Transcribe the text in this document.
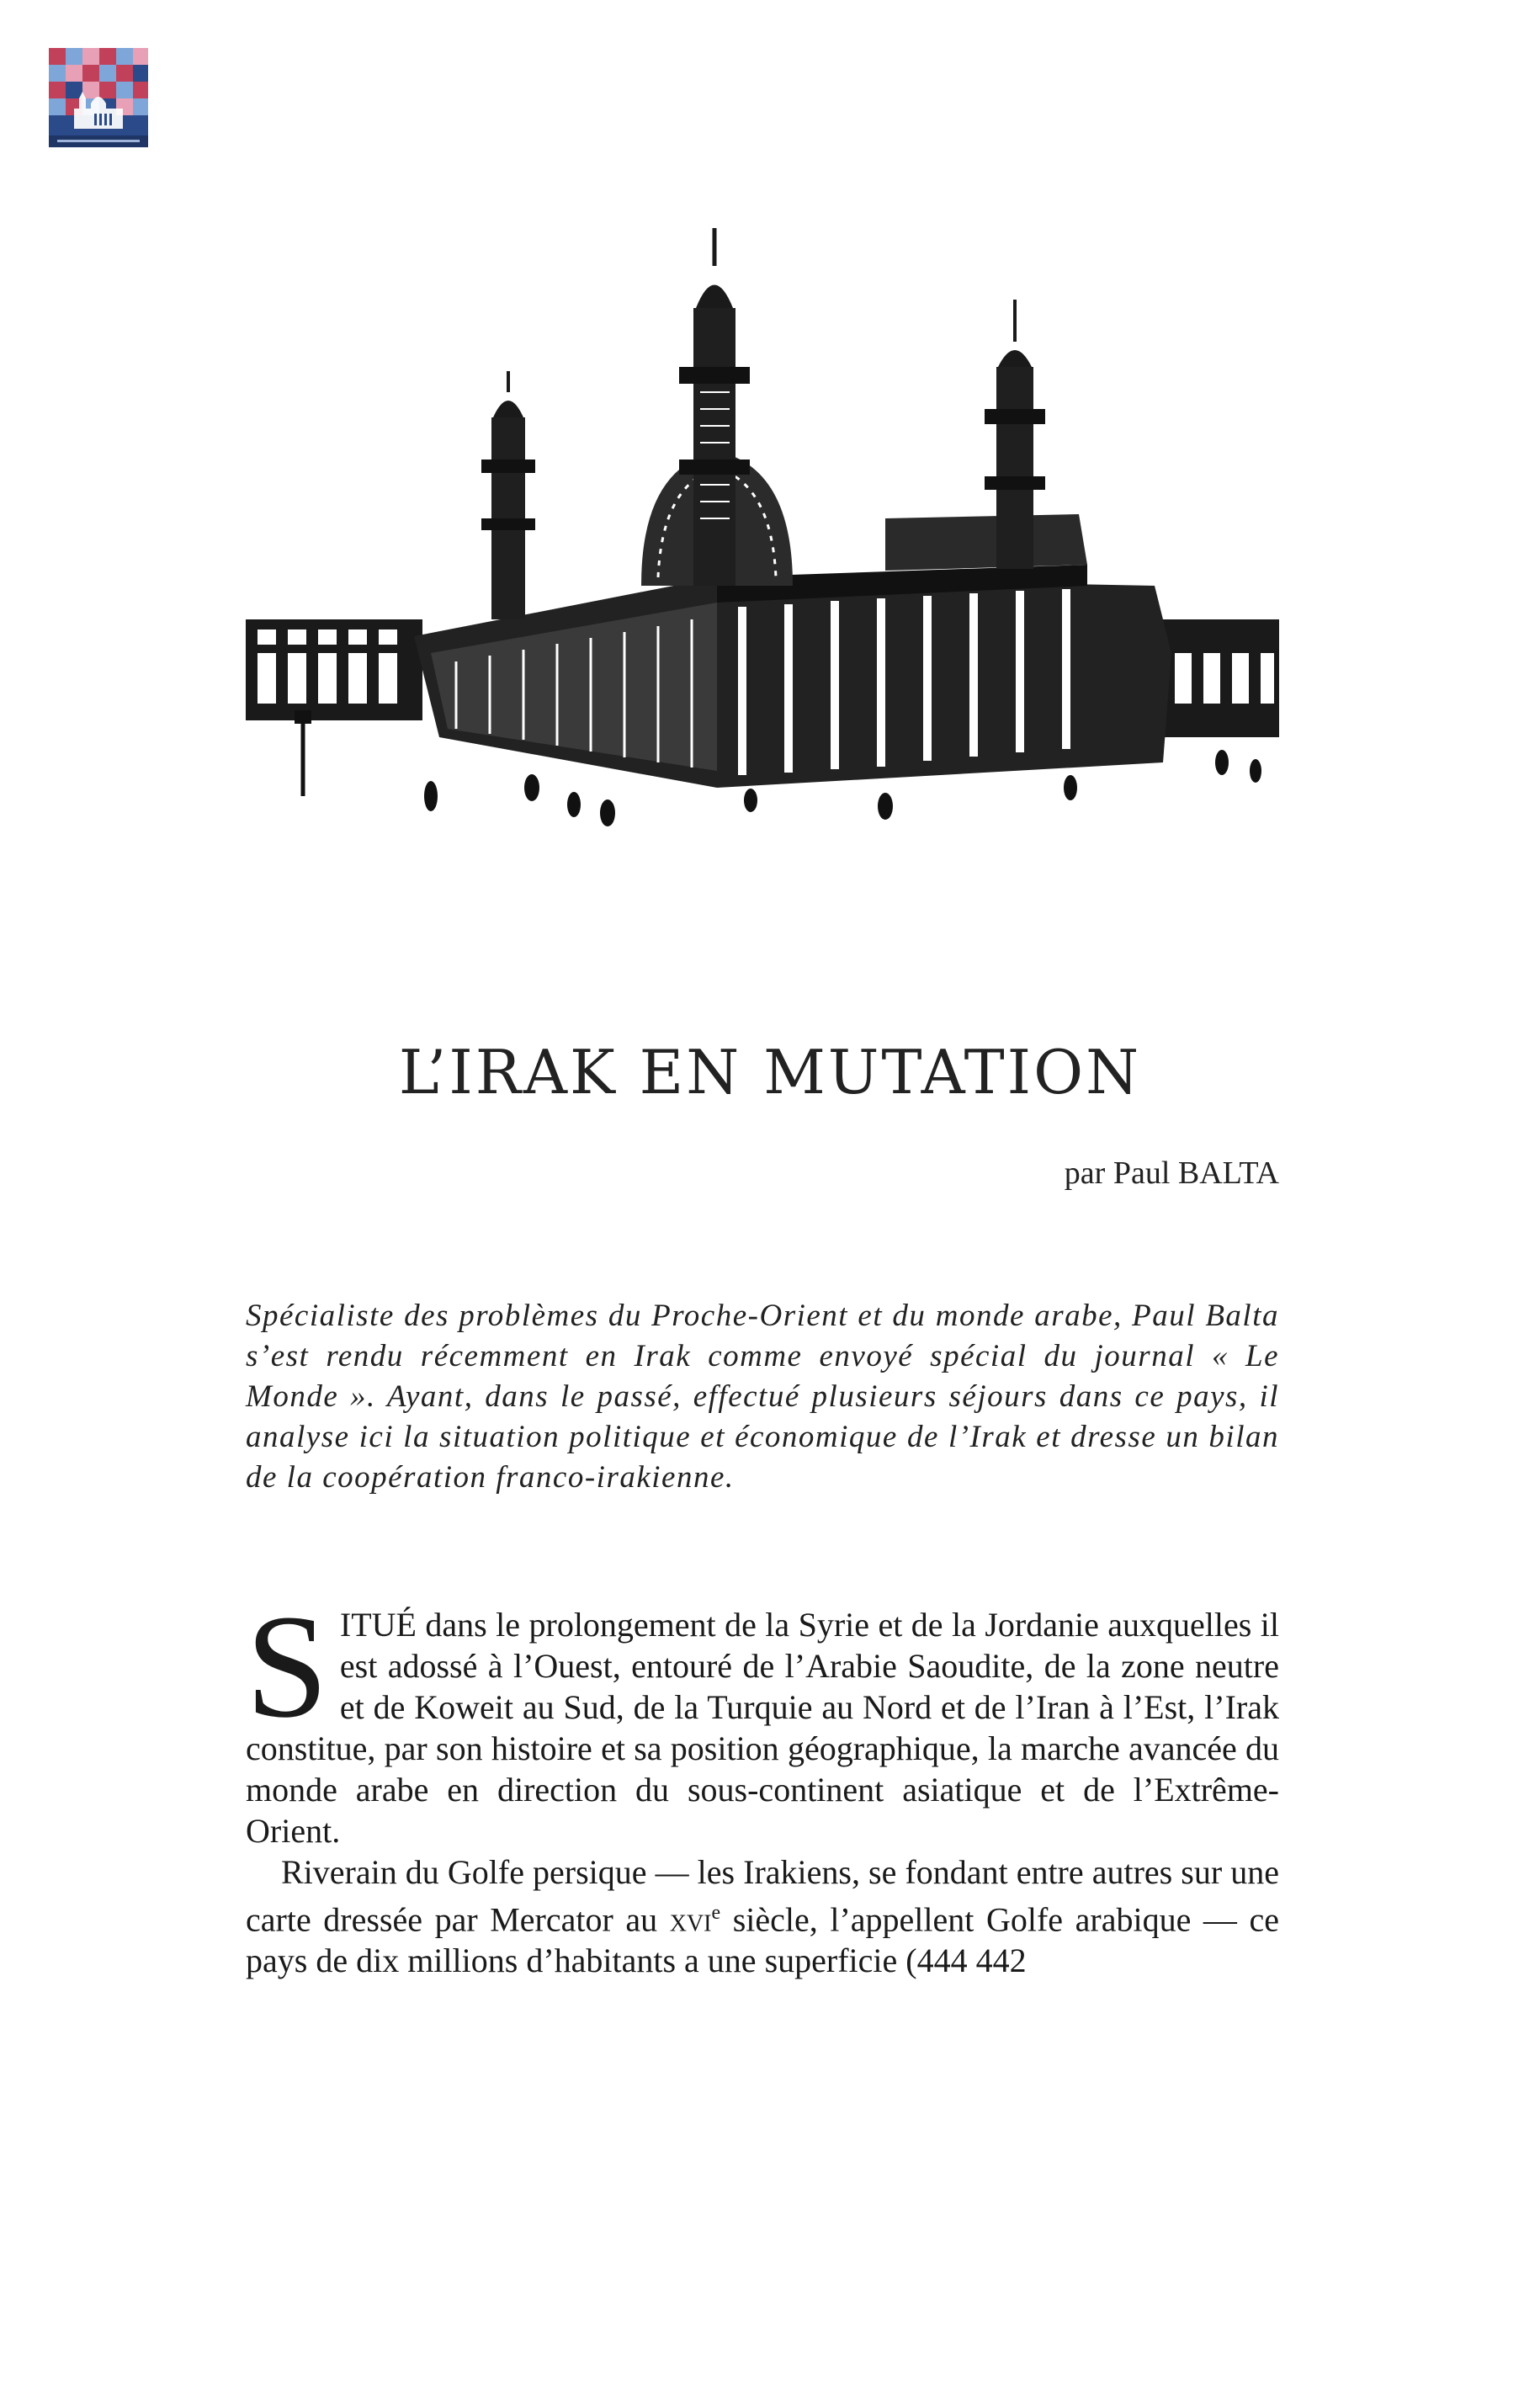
L’IRAK EN MUTATION
par Paul BALTA

Spécialiste des problèmes du Proche-Orient et du monde arabe, Paul Balta s’est rendu récemment en Irak comme envoyé spécial du journal « Le Monde ». Ayant, dans le passé, effectué plusieurs séjours dans ce pays, il analyse ici la situation politique et économique de l’Irak et dresse un bilan de la coopération franco-irakienne.

SITUÉ dans le prolongement de la Syrie et de la Jordanie auxquelles il est adossé à l’Ouest, entouré de l’Arabie Saoudite, de la zone neutre et de Koweit au Sud, de la Turquie au Nord et de l’Iran à l’Est, l’Irak constitue, par son histoire et sa position géographique, la marche avancée du monde arabe en direction du sous-continent asiatique et de l’Extrême-Orient.

Riverain du Golfe persique — les Irakiens, se fondant entre autres sur une carte dressée par Mercator au xvi$^e$ siècle, l’appellent Golfe arabique — ce pays de dix millions d’habitants a une superficie (444 442
